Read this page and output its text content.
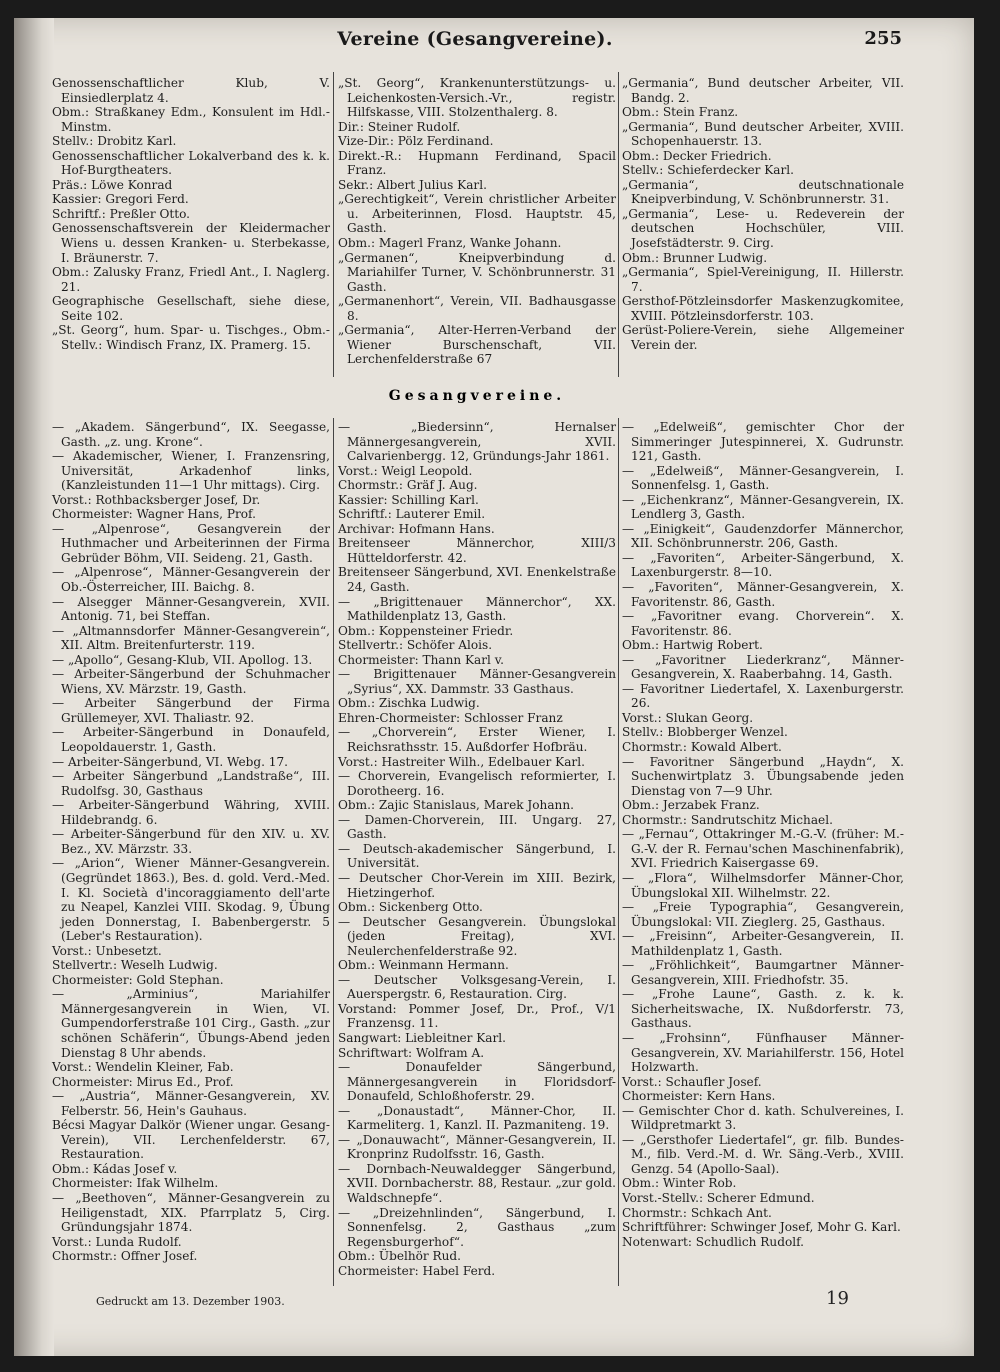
Vereine (Gesangvereine).	255

Genossenschaftlicher Klub, V. Einsiedlerplatz 4.

Obm.: Straßkaney Edm., Konsulent im Hdl.-Minstm.

Stellv.: Drobitz Karl.

Genossenschaftlicher Lokalverband des k. k. Hof-Burgtheaters.

Präs.: Löwe Konrad

Kassier: Gregori Ferd.

Schriftf.: Preßler Otto.

Genossenschaftsverein der Kleidermacher Wiens u. dessen Kranken- u. Sterbekasse, I. Bräunerstr. 7.

Obm.: Zalusky Franz, Friedl Ant., I. Naglerg. 21.

Geographische Gesellschaft, siehe diese, Seite 102.

„St. Georg“, hum. Spar- u. Tischges., Obm.-Stellv.: Windisch Franz, IX. Pramerg. 15.

„St. Georg“, Krankenunterstützungs- u. Leichenkosten-Versich.-Vr., registr. Hilfskasse, VIII. Stolzenthalerg. 8.

Dir.: Steiner Rudolf.

Vize-Dir.: Pölz Ferdinand.

Direkt.-R.: Hupmann Ferdinand, Spacil Franz.

Sekr.: Albert Julius Karl.

„Gerechtigkeit“, Verein christlicher Arbeiter u. Arbeiterinnen, Flosd. Hauptstr. 45, Gasth.

Obm.: Magerl Franz, Wanke Johann.

„Germanen“, Kneipverbindung d. Mariahilfer Turner, V. Schönbrunnerstr. 31 Gasth.

„Germanenhort“, Verein, VII. Badhausgasse 8.

„Germania“, Alter-Herren-Verband der Wiener Burschenschaft, VII. Lerchenfelderstraße 67

„Germania“, Bund deutscher Arbeiter, VII. Bandg. 2.

Obm.: Stein Franz.

„Germania“, Bund deutscher Arbeiter, XVIII. Schopenhauerstr. 13.

Obm.: Decker Friedrich.

Stellv.: Schieferdecker Karl.

„Germania“, deutschnationale Kneipverbindung, V. Schönbrunnerstr. 31.

„Germania“, Lese- u. Redeverein der deutschen Hochschüler, VIII. Josefstädterstr. 9. Cirg.

Obm.: Brunner Ludwig.

„Germania“, Spiel-Vereinigung, II. Hillerstr. 7.

Gersthof-Pötzleinsdorfer Maskenzugkomitee, XVIII. Pötzleinsdorferstr. 103.

Gerüst-Poliere-Verein, siehe Allgemeiner Verein der.

Gesangvereine.

— „Akadem. Sängerbund“, IX. Seegasse, Gasth. „z. ung. Krone“.

— Akademischer, Wiener, I. Franzensring, Universität, Arkadenhof links, (Kanzleistunden 11—1 Uhr mittags). Cirg.

Vorst.: Rothbacksberger Josef, Dr.

Chormeister: Wagner Hans, Prof.

— „Alpenrose“, Gesangverein der Huthmacher und Arbeiterinnen der Firma Gebrüder Böhm, VII. Seideng. 21, Gasth.

— „Alpenrose“, Männer-Gesangverein der Ob.-Österreicher, III. Baichg. 8.

— Alsegger Männer-Gesangverein, XVII. Antonig. 71, bei Steffan.

— „Altmannsdorfer Männer-Gesangverein“, XII. Altm. Breitenfurterstr. 119.

— „Apollo“, Gesang-Klub, VII. Apollog. 13.

— Arbeiter-Sängerbund der Schuhmacher Wiens, XV. Märzstr. 19, Gasth.

— Arbeiter Sängerbund der Firma Grüllemeyer, XVI. Thaliastr. 92.

— Arbeiter-Sängerbund in Donaufeld, Leopoldauerstr. 1, Gasth.

— Arbeiter-Sängerbund, VI. Webg. 17.

— Arbeiter Sängerbund „Landstraße“, III. Rudolfsg. 30, Gasthaus

— Arbeiter-Sängerbund Währing, XVIII. Hildebrandg. 6.

— Arbeiter-Sängerbund für den XIV. u. XV. Bez., XV. Märzstr. 33.

— „Arion“, Wiener Männer-Gesangverein. (Gegründet 1863.), Bes. d. gold. Verd.-Med. I. Kl. Società d'incoraggiamento dell'arte zu Neapel, Kanzlei VIII. Skodag. 9, Übung jeden Donnerstag, I. Babenbergerstr. 5 (Leber's Restauration).

Vorst.: Unbesetzt.

Stellvertr.: Weselh Ludwig.

Chormeister: Gold Stephan.

— „Arminius“, Mariahilfer Männergesangverein in Wien, VI. Gumpendorferstraße 101 Cirg., Gasth. „zur schönen Schäferin“, Übungs-Abend jeden Dienstag 8 Uhr abends.

Vorst.: Wendelin Kleiner, Fab.

Chormeister: Mirus Ed., Prof.

— „Austria“, Männer-Gesangverein, XV. Felberstr. 56, Hein's Gauhaus.

Bécsi Magyar Dalkör (Wiener ungar. Gesang-Verein), VII. Lerchenfelderstr. 67, Restauration.

Obm.: Kádas Josef v.

Chormeister: Ifak Wilhelm.

— „Beethoven“, Männer-Gesangverein zu Heiligenstadt, XIX. Pfarrplatz 5, Cirg. Gründungsjahr 1874.

Vorst.: Lunda Rudolf.

Chormstr.: Offner Josef.

— „Biedersinn“, Hernalser Männergesangverein, XVII. Calvarienbergg. 12, Gründungs-Jahr 1861.

Vorst.: Weigl Leopold.

Chormstr.: Gräf J. Aug.

Kassier: Schilling Karl.

Schriftf.: Lauterer Emil.

Archivar: Hofmann Hans.

Breitenseer Männerchor, XIII/3 Hütteldorferstr. 42.

Breitenseer Sängerbund, XVI. Enenkelstraße 24, Gasth.

— „Brigittenauer Männerchor“, XX. Mathildenplatz 13, Gasth.

Obm.: Koppensteiner Friedr.

Stellvertr.: Schöfer Alois.

Chormeister: Thann Karl v.

— Brigittenauer Männer-Gesangverein „Syrius“, XX. Dammstr. 33 Gasthaus.

Obm.: Zischka Ludwig.

Ehren-Chormeister: Schlosser Franz

— „Chorverein“, Erster Wiener, I. Reichsrathsstr. 15. Außdorfer Hofbräu.

Vorst.: Hastreiter Wilh., Edelbauer Karl.

— Chorverein, Evangelisch reformierter, I. Dorotheerg. 16.

Obm.: Zajic Stanislaus, Marek Johann.

— Damen-Chorverein, III. Ungarg. 27, Gasth.

— Deutsch-akademischer Sängerbund, I. Universität.

— Deutscher Chor-Verein im XIII. Bezirk, Hietzingerhof.

Obm.: Sickenberg Otto.

— Deutscher Gesangverein. Übungslokal (jeden Freitag), XVI. Neulerchenfelderstraße 92.

Obm.: Weinmann Hermann.

— Deutscher Volksgesang-Verein, I. Auerspergstr. 6, Restauration. Cirg.

Vorstand: Pommer Josef, Dr., Prof., V/1 Franzensg. 11.

Sangwart: Liebleitner Karl.

Schriftwart: Wolfram A.

— Donaufelder Sängerbund, Männergesangverein in Floridsdorf-Donaufeld, Schloßhoferstr. 29.

— „Donaustadt“, Männer-Chor, II. Karmeliterg. 1, Kanzl. II. Pazmaniteng. 19.

— „Donauwacht“, Männer-Gesangverein, II. Kronprinz Rudolfsstr. 16, Gasth.

— Dornbach-Neuwaldegger Sängerbund, XVII. Dornbacherstr. 88, Restaur. „zur gold. Waldschnepfe“.

— „Dreizehnlinden“, Sängerbund, I. Sonnenfelsg. 2, Gasthaus „zum Regensburgerhof“.

Obm.: Übelhör Rud.

Chormeister: Habel Ferd.

— „Edelweiß“, gemischter Chor der Simmeringer Jutespinnerei, X. Gudrunstr. 121, Gasth.

— „Edelweiß“, Männer-Gesangverein, I. Sonnenfelsg. 1, Gasth.

— „Eichenkranz“, Männer-Gesangverein, IX. Lendlerg 3, Gasth.

— „Einigkeit“, Gaudenzdorfer Männerchor, XII. Schönbrunnerstr. 206, Gasth.

— „Favoriten“, Arbeiter-Sängerbund, X. Laxenburgerstr. 8—10.

— „Favoriten“, Männer-Gesangverein, X. Favoritenstr. 86, Gasth.

— „Favoritner evang. Chorverein“. X. Favoritenstr. 86.

Obm.: Hartwig Robert.

— „Favoritner Liederkranz“, Männer-Gesangverein, X. Raaberbahng. 14, Gasth.

— Favoritner Liedertafel, X. Laxenburgerstr. 26.

Vorst.: Slukan Georg.

Stellv.: Blobberger Wenzel.

Chormstr.: Kowald Albert.

— Favoritner Sängerbund „Haydn“, X. Suchenwirtplatz 3. Übungsabende jeden Dienstag von 7—9 Uhr.

Obm.: Jerzabek Franz.

Chormstr.: Sandrutschitz Michael.

— „Fernau“, Ottakringer M.-G.-V. (früher: M.-G.-V. der R. Fernau'schen Maschinenfabrik), XVI. Friedrich Kaisergasse 69.

— „Flora“, Wilhelmsdorfer Männer-Chor, Übungslokal XII. Wilhelmstr. 22.

— „Freie Typographia“, Gesangverein, Übungslokal: VII. Zieglerg. 25, Gasthaus.

— „Freisinn“, Arbeiter-Gesangverein, II. Mathildenplatz 1, Gasth.

— „Fröhlichkeit“, Baumgartner Männer-Gesangverein, XIII. Friedhofstr. 35.

— „Frohe Laune“, Gasth. z. k. k. Sicherheitswache, IX. Nußdorferstr. 73, Gasthaus.

— „Frohsinn“, Fünfhauser Männer-Gesangverein, XV. Mariahilferstr. 156, Hotel Holzwarth.

Vorst.: Schaufler Josef.

Chormeister: Kern Hans.

— Gemischter Chor d. kath. Schulvereines, I. Wildpretmarkt 3.

— „Gersthofer Liedertafel“, gr. filb. Bundes-M., filb. Verd.-M. d. Wr. Säng.-Verb., XVIII. Genzg. 54 (Apollo-Saal).

Obm.: Winter Rob.

Vorst.-Stellv.: Scherer Edmund.

Chormstr.: Schkach Ant.

Schriftführer: Schwinger Josef, Mohr G. Karl.

Notenwart: Schudlich Rudolf.

Gedruckt am 13. Dezember 1903.	19
